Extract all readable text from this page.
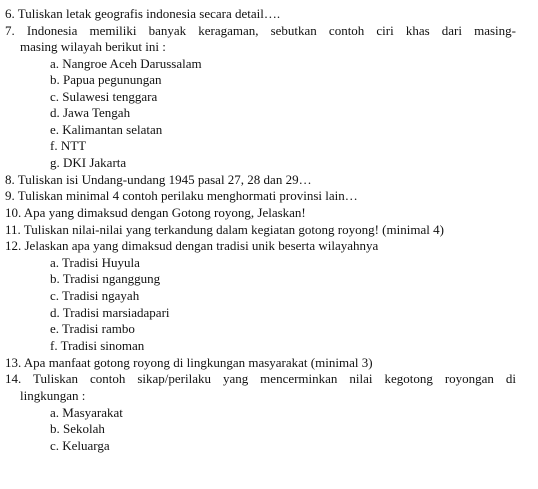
6. Tuliskan letak geografis indonesia secara detail….
7. Indonesia memiliki banyak keragaman, sebutkan contoh ciri khas dari masing-
masing wilayah berikut ini :
a. Nangroe Aceh Darussalam
b. Papua pegunungan
c. Sulawesi tenggara
d. Jawa Tengah
e. Kalimantan selatan
f. NTT
g. DKI Jakarta
8. Tuliskan isi Undang-undang 1945 pasal 27, 28 dan 29…
9. Tuliskan minimal 4 contoh perilaku menghormati provinsi lain…
10. Apa yang dimaksud dengan Gotong royong, Jelaskan!
11. Tuliskan nilai-nilai yang terkandung dalam kegiatan gotong royong! (minimal 4)
12. Jelaskan apa yang dimaksud dengan tradisi unik beserta wilayahnya
a. Tradisi Huyula
b. Tradisi nganggung
c. Tradisi ngayah
d. Tradisi marsiadapari
e. Tradisi rambo
f. Tradisi sinoman
13. Apa manfaat gotong royong di lingkungan masyarakat (minimal 3)
14. Tuliskan contoh sikap/perilaku yang mencerminkan nilai kegotong royongan di
lingkungan :
a. Masyarakat
b. Sekolah
c. Keluarga
